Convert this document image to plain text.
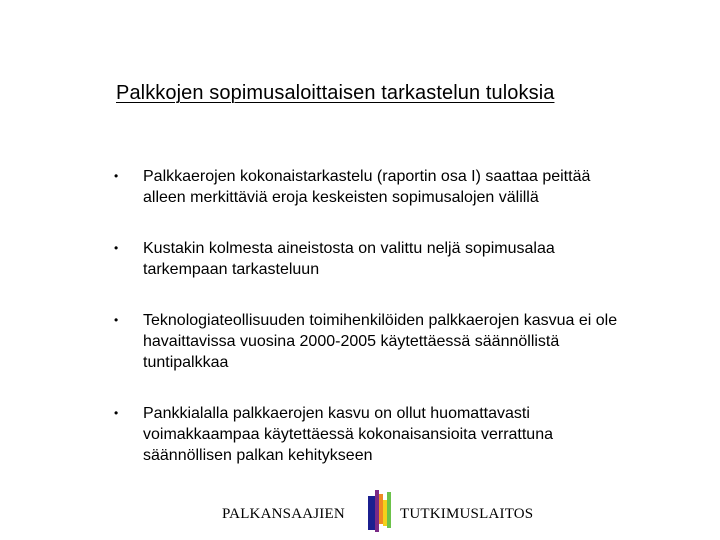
Palkkojen sopimusaloittaisen tarkastelun tuloksia
• Palkkaerojen kokonaistarkastelu (raportin osa I) saattaa peittää
alleen merkittäviä eroja keskeisten sopimusalojen välillä
• Kustakin kolmesta aineistosta on valittu neljä sopimusalaa
tarkempaan tarkasteluun
• Teknologiateollisuuden toimihenkilöiden palkkaerojen kasvua ei ole
havaittavissa vuosina 2000-2005 käytettäessä säännöllistä
tuntipalkkaa
• Pankkialalla palkkaerojen kasvu on ollut huomattavasti
voimakkaampaa käytettäessä kokonaisansioita verrattuna
säännöllisen palkan kehitykseen
PALKANSAAJIEN	TUTKIMUSLAITOS
